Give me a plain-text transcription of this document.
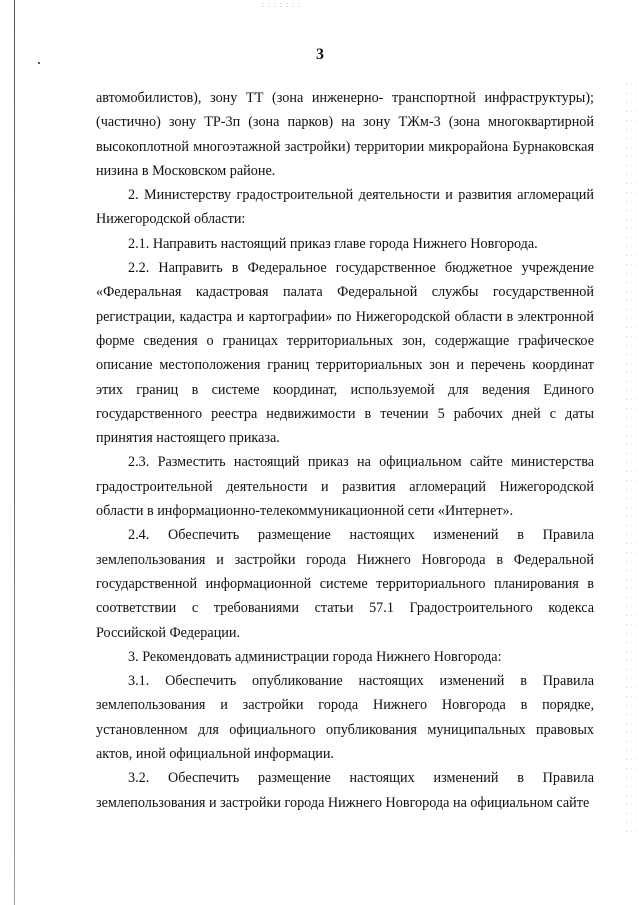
3

автомобилистов), зону ТТ (зона инженерно- транспортной инфраструктуры); (частично) зону ТР-3п (зона парков) на зону ТЖм-3 (зона многоквартирной высокоплотной многоэтажной застройки) территории микрорайона Бурнаковская низина в Московском районе.

2. Министерству градостроительной деятельности и развития агломераций Нижегородской области:

2.1. Направить настоящий приказ главе города Нижнего Новгорода.

2.2. Направить в Федеральное государственное бюджетное учреждение «Федеральная кадастровая палата Федеральной службы государственной регистрации, кадастра и картографии» по Нижегородской области в электронной форме сведения о границах территориальных зон, содержащие графическое описание местоположения границ территориальных зон и перечень координат этих границ в системе координат, используемой для ведения Единого государственного реестра недвижимости в течении 5 рабочих дней с даты принятия настоящего приказа.

2.3. Разместить настоящий приказ на официальном сайте министерства градостроительной деятельности и развития агломераций Нижегородской области в информационно-телекоммуникационной сети «Интернет».

2.4. Обеспечить размещение настоящих изменений в Правила землепользования и застройки города Нижнего Новгорода в Федеральной государственной информационной системе территориального планирования в соответствии с требованиями статьи 57.1 Градостроительного кодекса Российской Федерации.

3. Рекомендовать администрации города Нижнего Новгорода:

3.1. Обеспечить опубликование настоящих изменений в Правила землепользования и застройки города Нижнего Новгорода в порядке, установленном для официального опубликования муниципальных правовых актов, иной официальной информации.

3.2. Обеспечить размещение настоящих изменений в Правила землепользования и застройки города Нижнего Новгорода на официальном сайте
